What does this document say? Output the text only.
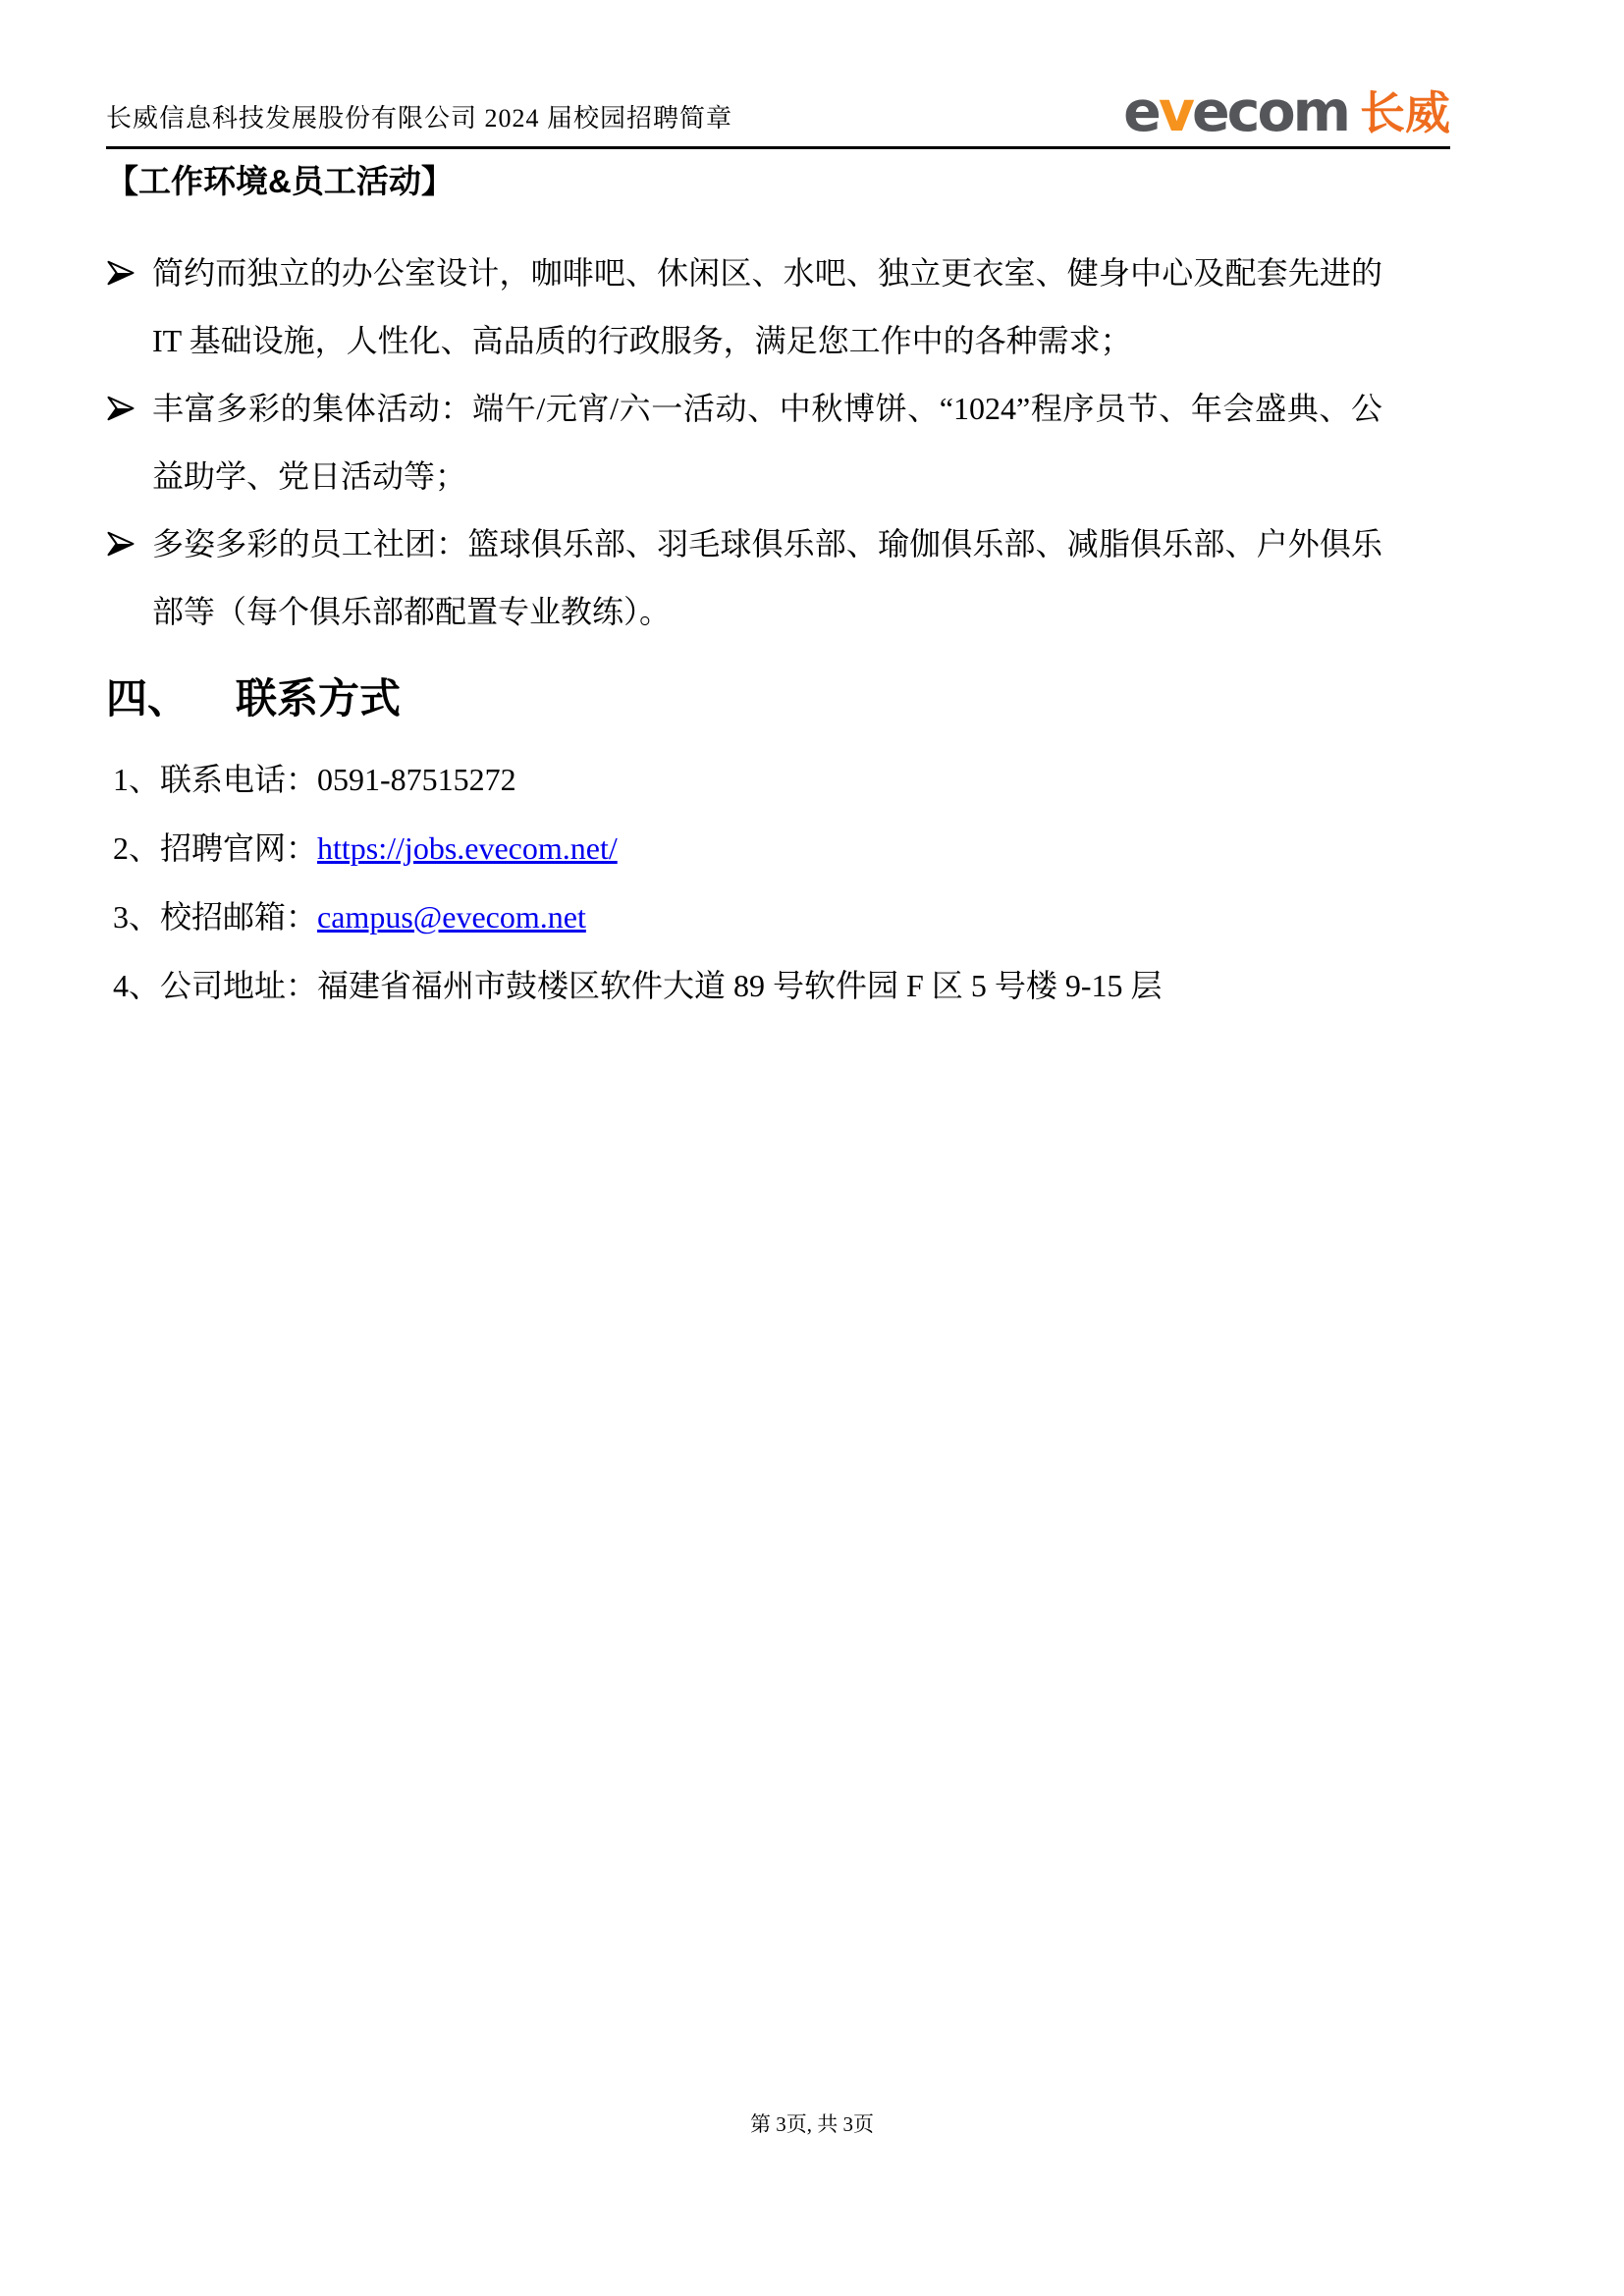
长威信息科技发展股份有限公司 2024 届校园招聘简章	evecom 长威
【工作环境&员工活动】
简约而独立的办公室设计，咖啡吧、休闲区、水吧、独立更衣室、健身中心及配套先进的 IT 基础设施，人性化、高品质的行政服务，满足您工作中的各种需求；
丰富多彩的集体活动：端午/元宵/六一活动、中秋博饼、“1024”程序员节、年会盛典、公益助学、党日活动等；
多姿多彩的员工社团：篮球俱乐部、羽毛球俱乐部、瑜伽俱乐部、减脂俱乐部、户外俱乐部等（每个俱乐部都配置专业教练）。
四、 联系方式
1、联系电话：0591-87515272
2、招聘官网：https://jobs.evecom.net/
3、校招邮箱：campus@evecom.net
4、公司地址：福建省福州市鼓楼区软件大道 89 号软件园 F 区 5 号楼 9-15 层
第 3页, 共 3页
